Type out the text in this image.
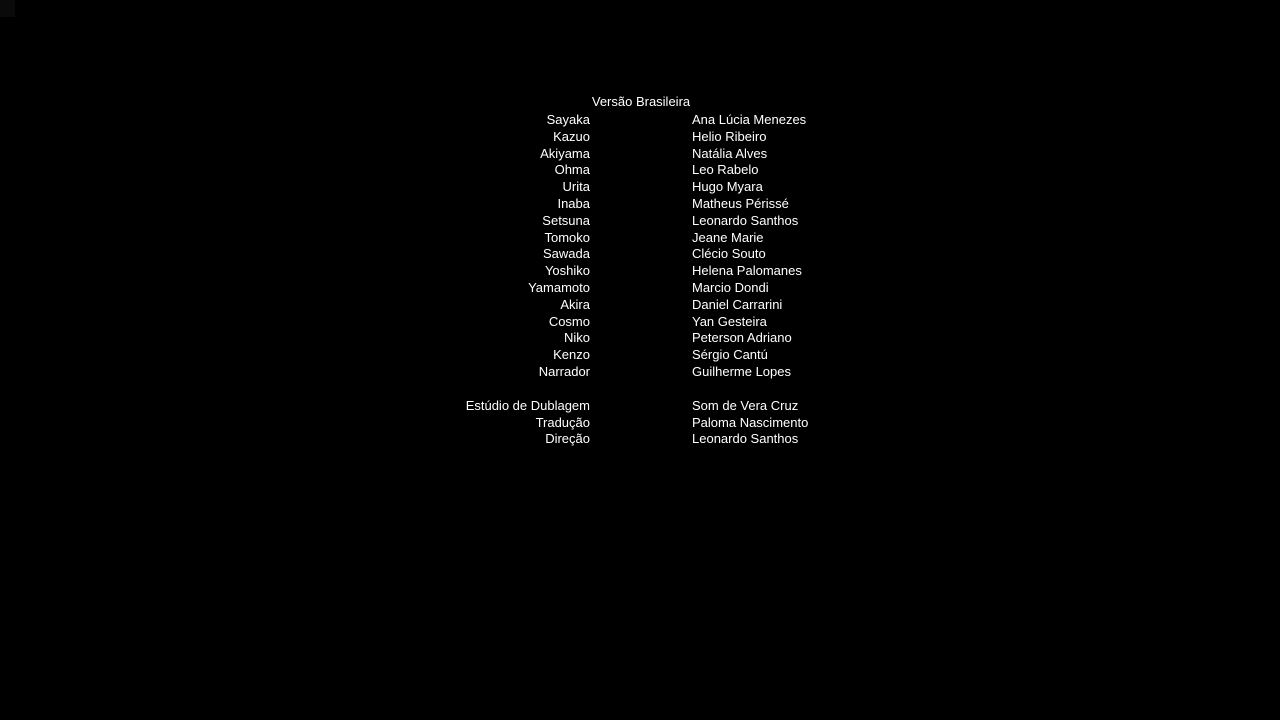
Versão Brasileira
Sayaka	Ana Lúcia Menezes
Kazuo	Helio Ribeiro
Akiyama	Natália Alves
Ohma	Leo Rabelo
Urita	Hugo Myara
Inaba	Matheus Périssé
Setsuna	Leonardo Santhos
Tomoko	Jeane Marie
Sawada	Clécio Souto
Yoshiko	Helena Palomanes
Yamamoto	Marcio Dondi
Akira	Daniel Carrarini
Cosmo	Yan Gesteira
Niko	Peterson Adriano
Kenzo	Sérgio Cantú
Narrador	Guilherme Lopes
Estúdio de Dublagem	Som de Vera Cruz
Tradução	Paloma Nascimento
Direção	Leonardo Santhos
